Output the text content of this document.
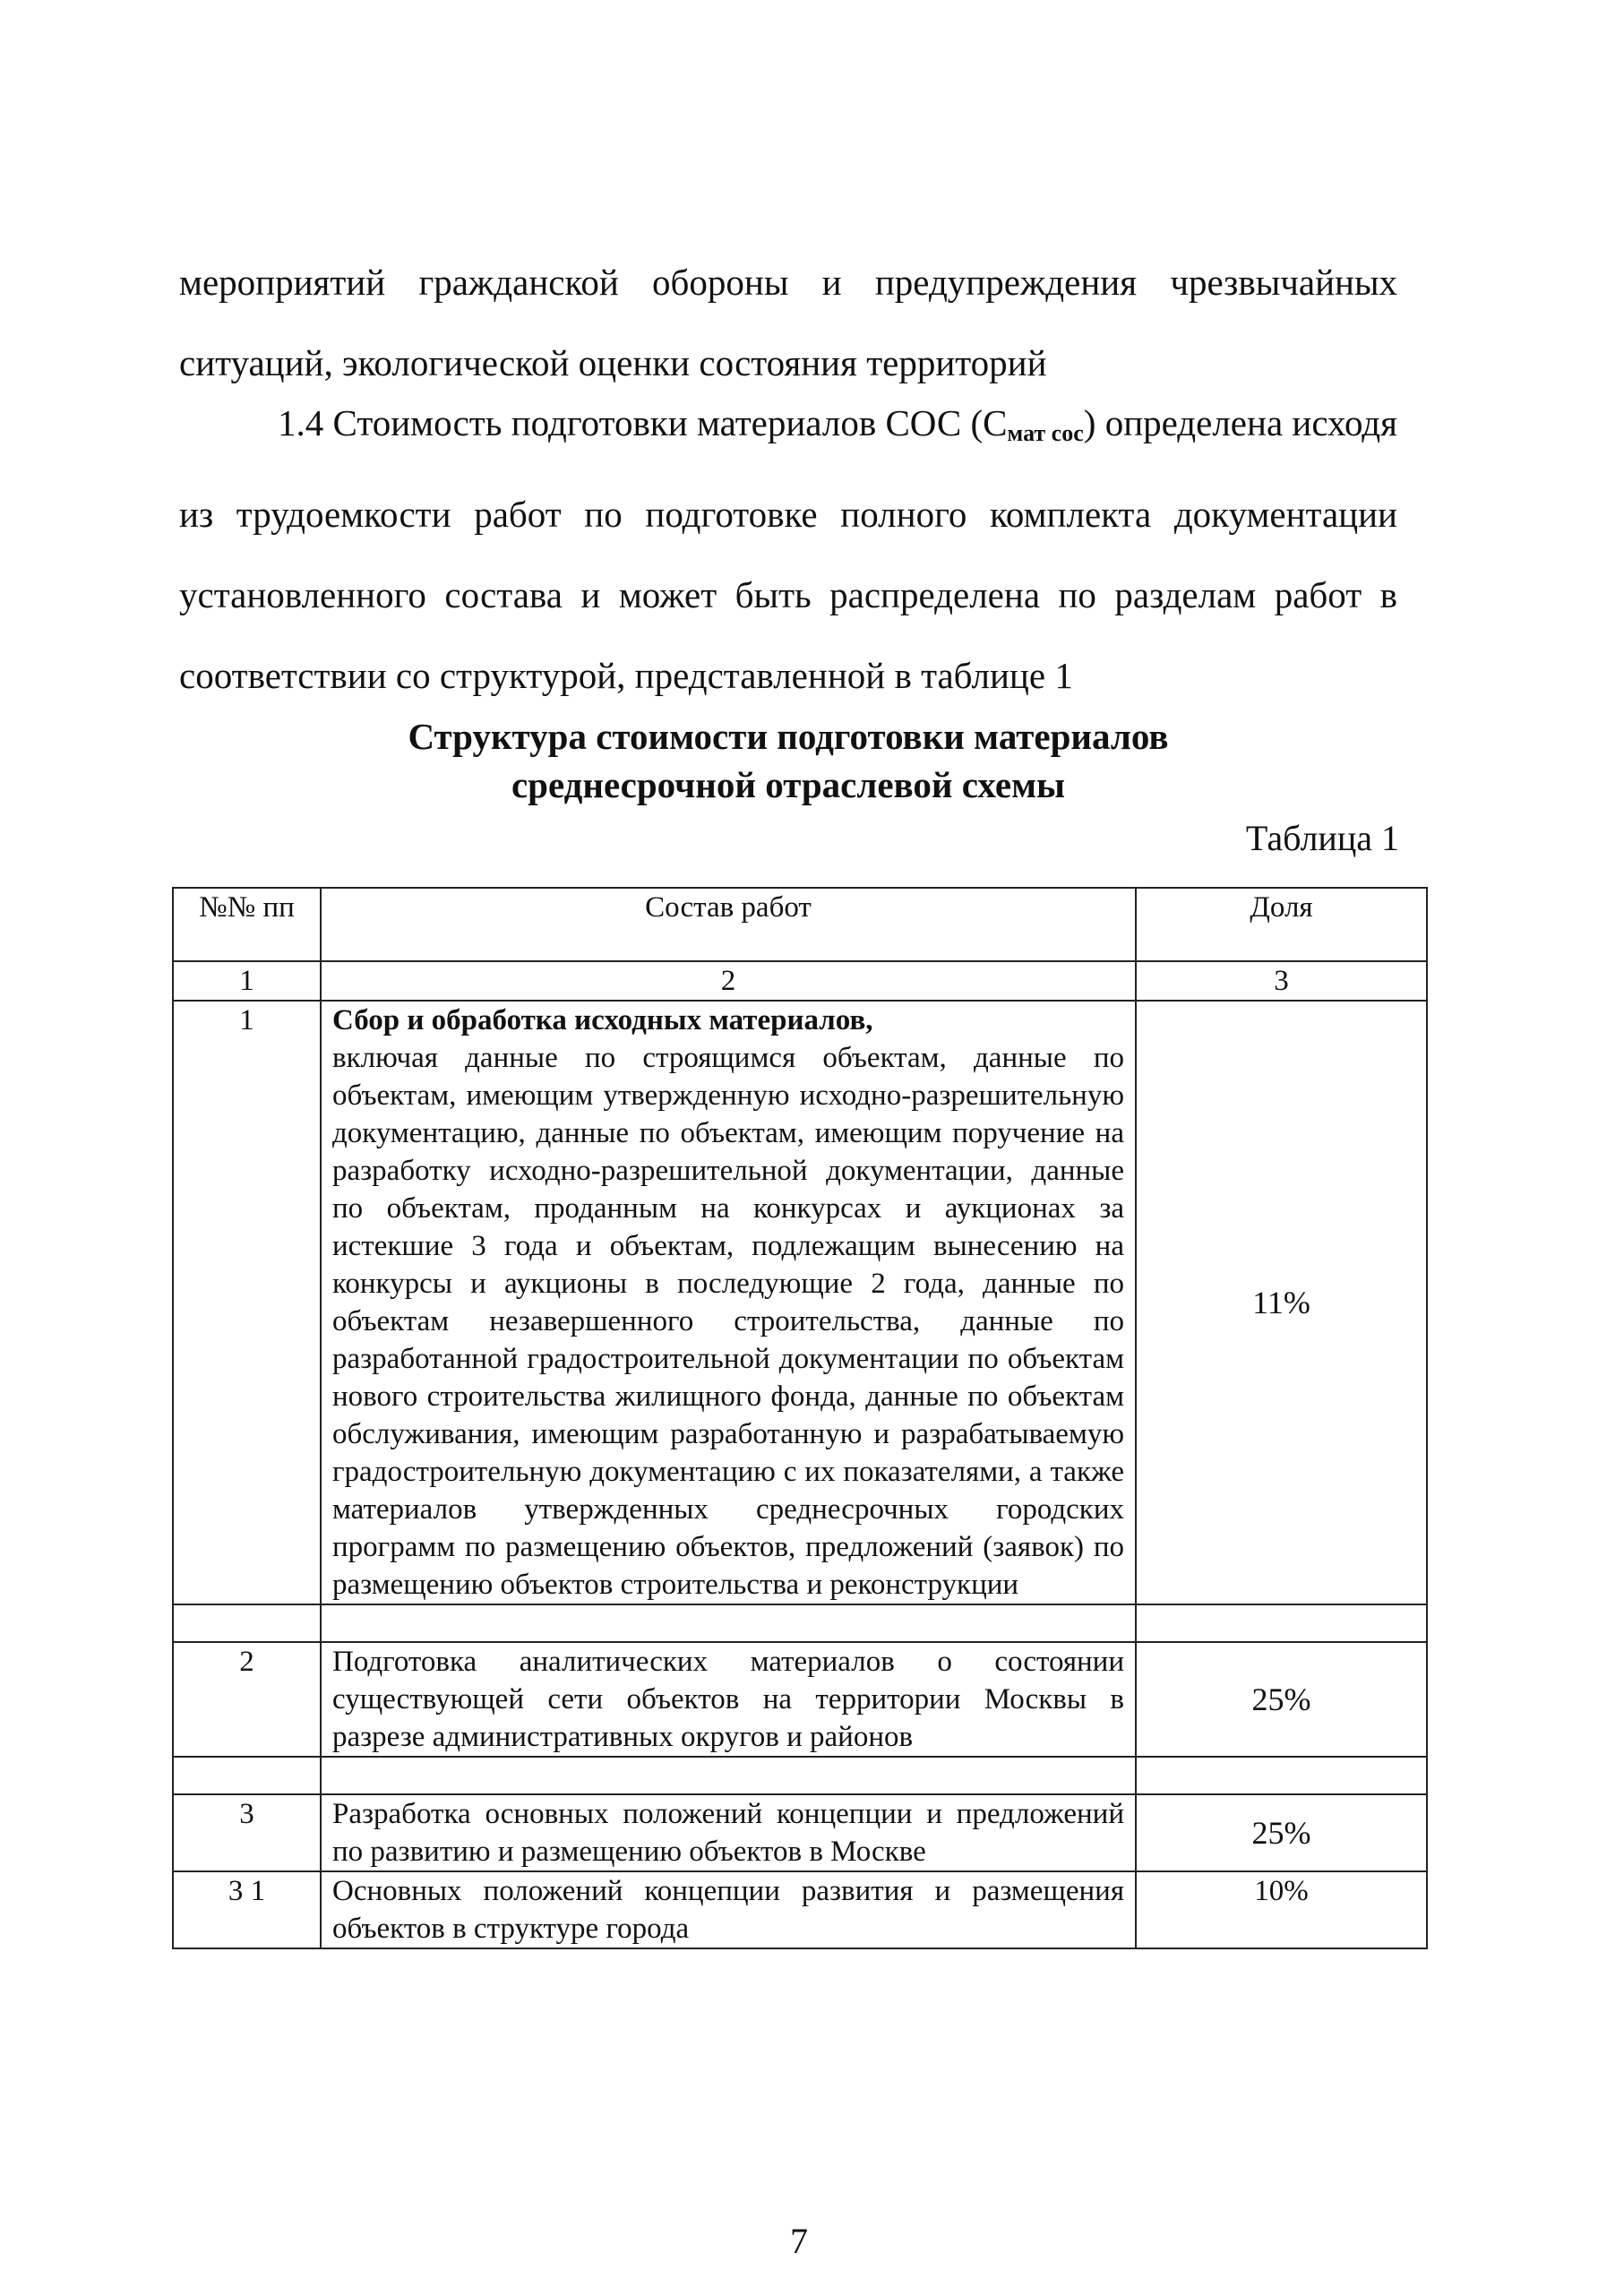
мероприятий гражданской обороны и предупреждения чрезвычайных ситуаций, экологической оценки состояния территорий

1.4 Стоимость подготовки материалов СОС $(С_{мат сос})$ определена исходя из трудоемкости работ по подготовке полного комплекта документации установленного состава и может быть распределена по разделам работ в соответствии со структурой, представленной в таблице 1

Структура стоимости подготовки материалов
среднесрочной отраслевой схемы

Таблица 1

№№ пп	Состав работ	Доля
1	2	3
1	Сбор и обработка исходных материалов,
включая данные по строящимся объектам, данные по объектам, имеющим утвержденную исходно-разрешительную документацию, данные по объектам, имеющим поручение на разработку исходно-разрешительной документации, данные по объектам, проданным на конкурсах и аукционах за истекшие 3 года и объектам, подлежащим вынесению на конкурсы и аукционы в последующие 2 года, данные по объектам незавершенного строительства, данные по разработанной градостроительной документации по объектам нового строительства жилищного фонда, данные по объектам обслуживания, имеющим разработанную и разрабатываемую градостроительную документацию с их показателями, а также материалов утвержденных среднесрочных городских программ по размещению объектов, предложений (заявок) по размещению объектов строительства и реконструкции	11%

2	Подготовка аналитических материалов о состоянии существующей сети объектов на территории Москвы в разрезе административных округов и районов	25%

3	Разработка основных положений концепции и предложений по развитию и размещению объектов в Москве	25%
3 1	Основных положений концепции развития и размещения объектов в структуре города	10%

7
